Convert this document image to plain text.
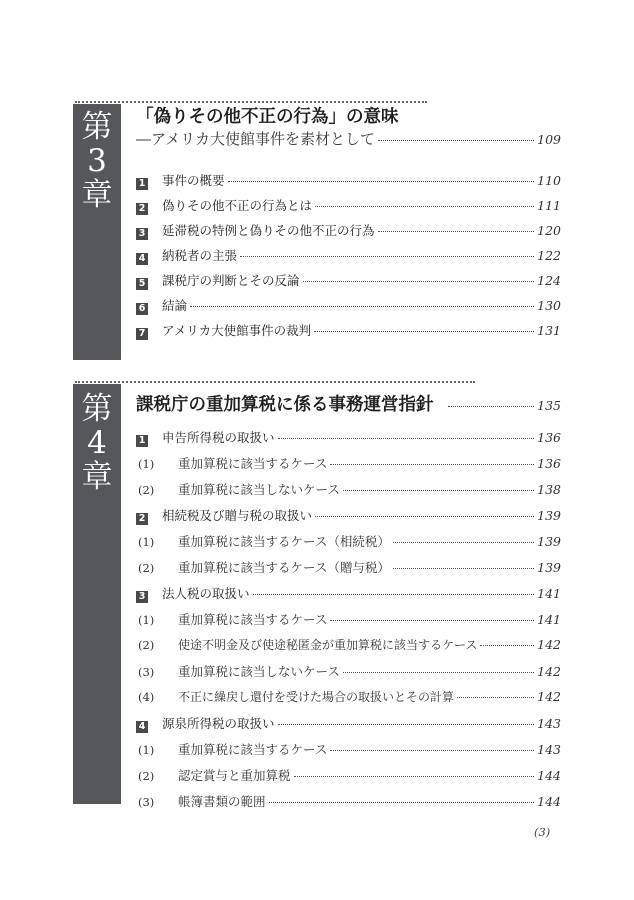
第
3
章
「偽りその他不正の行為」の意味
―アメリカ大使館事件を素材として	109
1 事件の概要	110
2 偽りその他不正の行為とは	111
3 延滞税の特例と偽りその他不正の行為	120
4 納税者の主張	122
5 課税庁の判断とその反論	124
6 結論	130
7 アメリカ大使館事件の裁判	131
第
4
章
課税庁の重加算税に係る事務運営指針	135
1 申告所得税の取扱い	136
(1)	重加算税に該当するケース	136
(2)	重加算税に該当しないケース	138
2 相続税及び贈与税の取扱い	139
(1)	重加算税に該当するケース（相続税）	139
(2)	重加算税に該当するケース（贈与税）	139
3 法人税の取扱い	141
(1)	重加算税に該当するケース	141
(2)	使途不明金及び使途秘匿金が重加算税に該当するケース	142
(3)	重加算税に該当しないケース	142
(4)	不正に繰戻し還付を受けた場合の取扱いとその計算	142
4 源泉所得税の取扱い	143
(1)	重加算税に該当するケース	143
(2)	認定賞与と重加算税	144
(3)	帳簿書類の範囲	144
(3)
